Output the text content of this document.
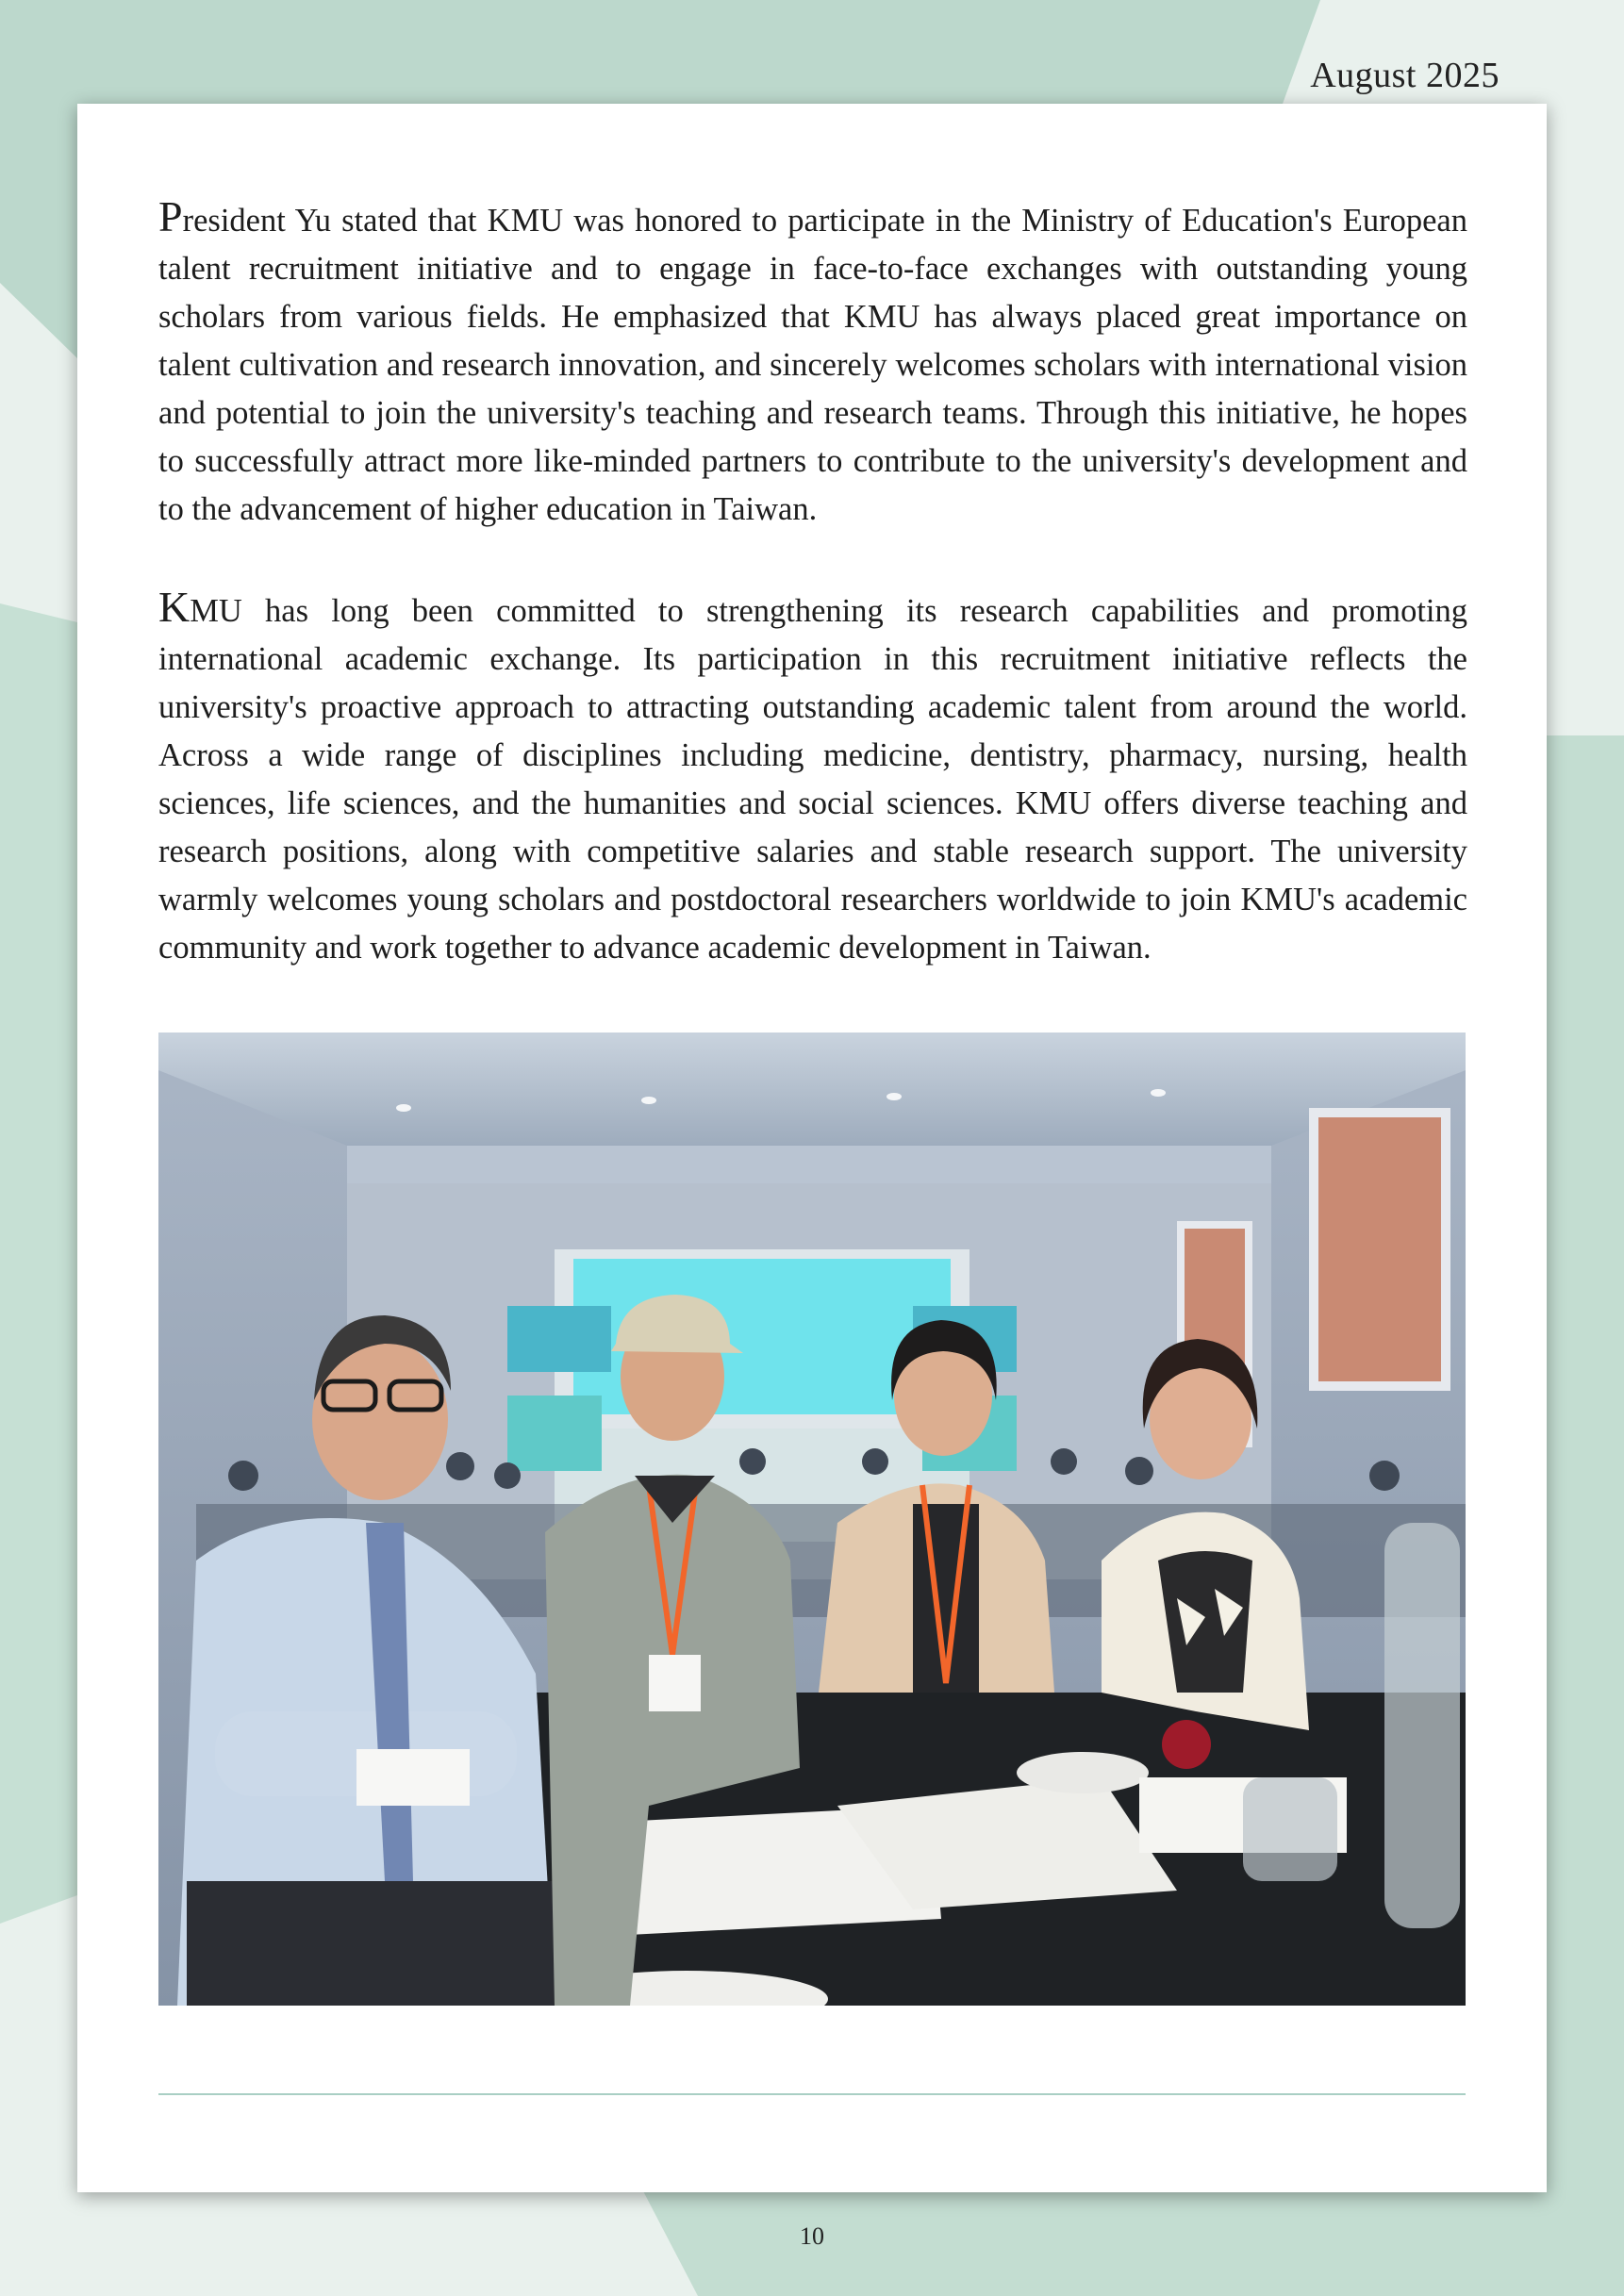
August 2025

President Yu stated that KMU was honored to participate in the Ministry of Education's European talent recruitment initiative and to engage in face-to-face exchanges with outstanding young scholars from various fields. He emphasized that KMU has always placed great importance on talent cultivation and research innovation, and sincerely welcomes scholars with international vision and potential to join the university's teaching and research teams. Through this initiative, he hopes to successfully attract more like-minded partners to contribute to the university's development and to the advancement of higher education in Taiwan.

KMU has long been committed to strengthening its research capabilities and promoting international academic exchange. Its participation in this recruitment initiative reflects the university's proactive approach to attracting outstanding academic talent from around the world. Across a wide range of disciplines including medicine, dentistry, pharmacy, nursing, health sciences, life sciences, and the humanities and social sciences. KMU offers diverse teaching and research positions, along with competitive salaries and stable research support. The university warmly welcomes young scholars and postdoctoral researchers worldwide to join KMU's academic community and work together to advance academic development in Taiwan.

10
